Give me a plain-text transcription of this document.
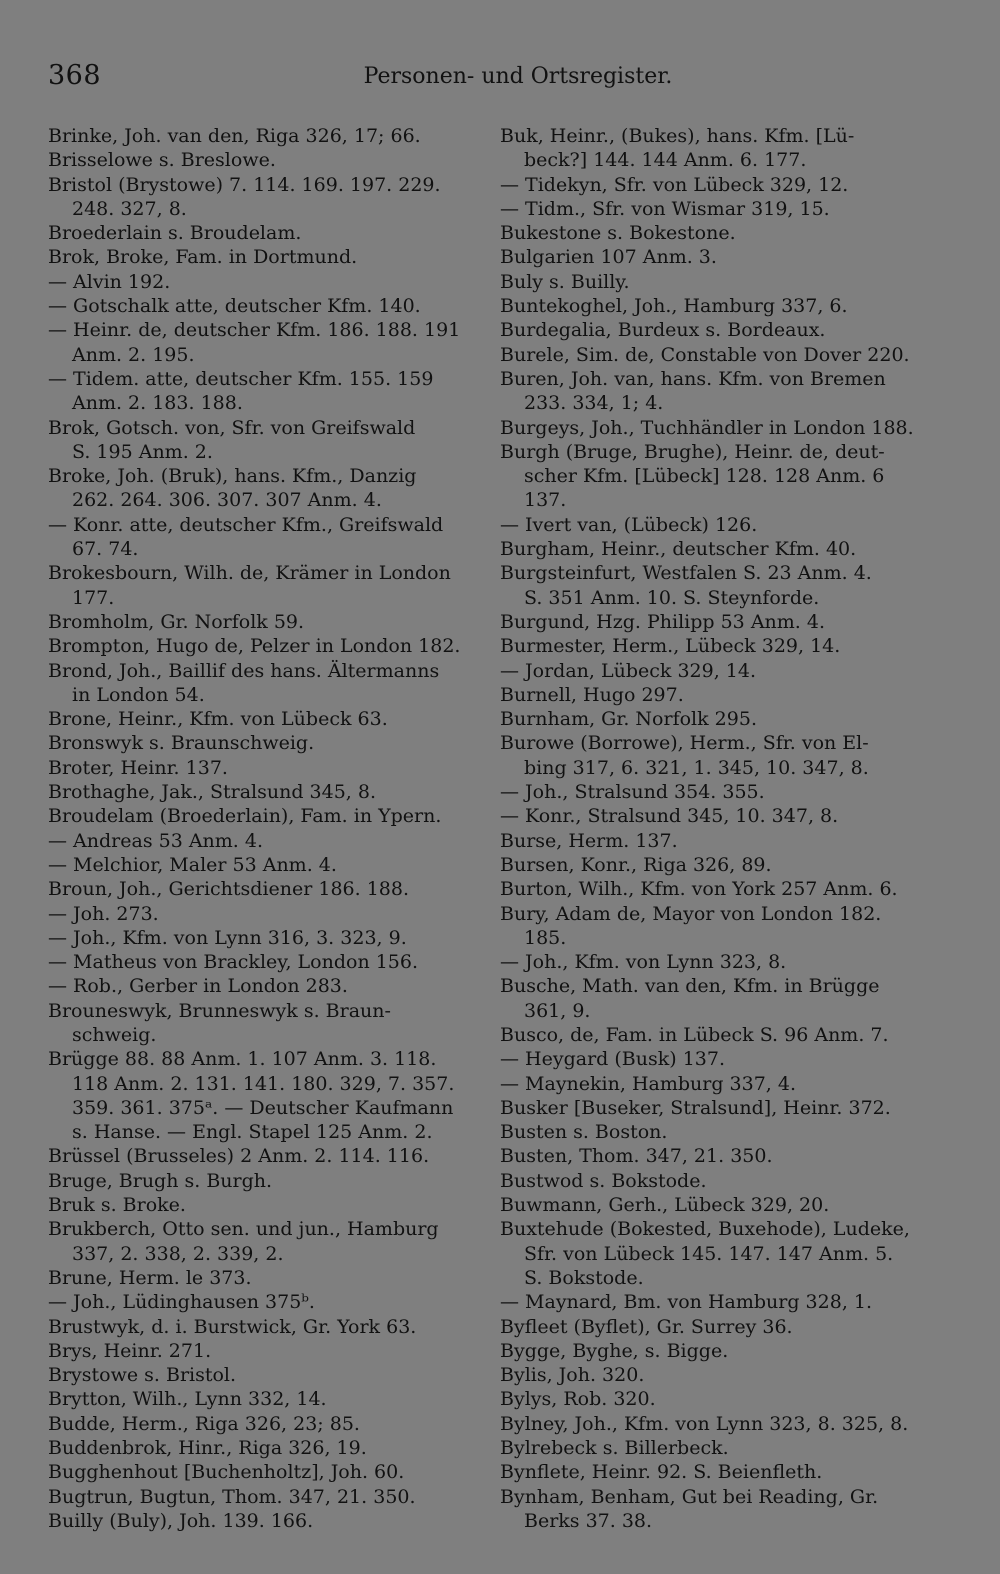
368	Personen- und Ortsregister.
Brinke, Joh. van den, Riga 326, 17; 66.
Brisselowe s. Breslowe.
Bristol (Brystowe) 7. 114. 169. 197. 229.
248. 327, 8.
Broederlain s. Broudelam.
Brok, Broke, Fam. in Dortmund.
— Alvin 192.
— Gotschalk atte, deutscher Kfm. 140.
— Heinr. de, deutscher Kfm. 186. 188. 191
Anm. 2. 195.
— Tidem. atte, deutscher Kfm. 155. 159
Anm. 2. 183. 188.
Brok, Gotsch. von, Sfr. von Greifswald
S. 195 Anm. 2.
Broke, Joh. (Bruk), hans. Kfm., Danzig
262. 264. 306. 307. 307 Anm. 4.
— Konr. atte, deutscher Kfm., Greifswald
67. 74.
Brokesbourn, Wilh. de, Krämer in London
177.
Bromholm, Gr. Norfolk 59.
Brompton, Hugo de, Pelzer in London 182.
Brond, Joh., Baillif des hans. Ältermanns
in London 54.
Brone, Heinr., Kfm. von Lübeck 63.
Bronswyk s. Braunschweig.
Broter, Heinr. 137.
Brothaghe, Jak., Stralsund 345, 8.
Broudelam (Broederlain), Fam. in Ypern.
— Andreas 53 Anm. 4.
— Melchior, Maler 53 Anm. 4.
Broun, Joh., Gerichtsdiener 186. 188.
— Joh. 273.
— Joh., Kfm. von Lynn 316, 3. 323, 9.
— Matheus von Brackley, London 156.
— Rob., Gerber in London 283.
Brouneswyk, Brunneswyk s. Braun-
schweig.
Brügge 88. 88 Anm. 1. 107 Anm. 3. 118.
118 Anm. 2. 131. 141. 180. 329, 7. 357.
359. 361. 375ᵃ. — Deutscher Kaufmann
s. Hanse. — Engl. Stapel 125 Anm. 2.
Brüssel (Brusseles) 2 Anm. 2. 114. 116.
Bruge, Brugh s. Burgh.
Bruk s. Broke.
Brukberch, Otto sen. und jun., Hamburg
337, 2. 338, 2. 339, 2.
Brune, Herm. le 373.
— Joh., Lüdinghausen 375ᵇ.
Brustwyk, d. i. Burstwick, Gr. York 63.
Brys, Heinr. 271.
Brystowe s. Bristol.
Brytton, Wilh., Lynn 332, 14.
Budde, Herm., Riga 326, 23; 85.
Buddenbrok, Hinr., Riga 326, 19.
Bugghenhout [Buchenholtz], Joh. 60.
Bugtrun, Bugtun, Thom. 347, 21. 350.
Builly (Buly), Joh. 139. 166.
Buk, Heinr., (Bukes), hans. Kfm. [Lü-
beck?] 144. 144 Anm. 6. 177.
— Tidekyn, Sfr. von Lübeck 329, 12.
— Tidm., Sfr. von Wismar 319, 15.
Bukestone s. Bokestone.
Bulgarien 107 Anm. 3.
Buly s. Builly.
Buntekoghel, Joh., Hamburg 337, 6.
Burdegalia, Burdeux s. Bordeaux.
Burele, Sim. de, Constable von Dover 220.
Buren, Joh. van, hans. Kfm. von Bremen
233. 334, 1; 4.
Burgeys, Joh., Tuchhändler in London 188.
Burgh (Bruge, Brughe), Heinr. de, deut-
scher Kfm. [Lübeck] 128. 128 Anm. 6
137.
— Ivert van, (Lübeck) 126.
Burgham, Heinr., deutscher Kfm. 40.
Burgsteinfurt, Westfalen S. 23 Anm. 4.
S. 351 Anm. 10. S. Steynforde.
Burgund, Hzg. Philipp 53 Anm. 4.
Burmester, Herm., Lübeck 329, 14.
— Jordan, Lübeck 329, 14.
Burnell, Hugo 297.
Burnham, Gr. Norfolk 295.
Burowe (Borrowe), Herm., Sfr. von El-
bing 317, 6. 321, 1. 345, 10. 347, 8.
— Joh., Stralsund 354. 355.
— Konr., Stralsund 345, 10. 347, 8.
Burse, Herm. 137.
Bursen, Konr., Riga 326, 89.
Burton, Wilh., Kfm. von York 257 Anm. 6.
Bury, Adam de, Mayor von London 182.
185.
— Joh., Kfm. von Lynn 323, 8.
Busche, Math. van den, Kfm. in Brügge
361, 9.
Busco, de, Fam. in Lübeck S. 96 Anm. 7.
— Heygard (Busk) 137.
— Maynekin, Hamburg 337, 4.
Busker [Buseker, Stralsund], Heinr. 372.
Busten s. Boston.
Busten, Thom. 347, 21. 350.
Bustwod s. Bokstode.
Buwmann, Gerh., Lübeck 329, 20.
Buxtehude (Bokested, Buxehode), Ludeke,
Sfr. von Lübeck 145. 147. 147 Anm. 5.
S. Bokstode.
— Maynard, Bm. von Hamburg 328, 1.
Byfleet (Byflet), Gr. Surrey 36.
Bygge, Byghe, s. Bigge.
Bylis, Joh. 320.
Bylys, Rob. 320.
Bylney, Joh., Kfm. von Lynn 323, 8. 325, 8.
Bylrebeck s. Billerbeck.
Bynflete, Heinr. 92. S. Beienfleth.
Bynham, Benham, Gut bei Reading, Gr.
Berks 37. 38.
